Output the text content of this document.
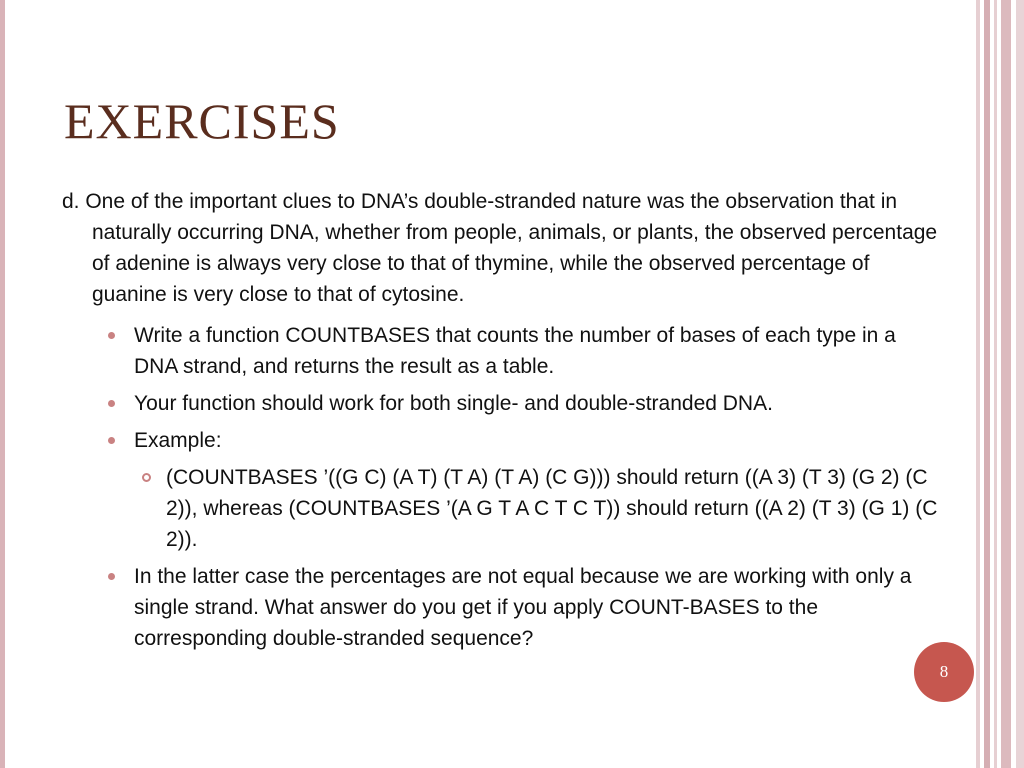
EXERCISES

d. One of the important clues to DNA’s double-stranded nature was the observation that in naturally occurring DNA, whether from people, animals, or plants, the observed percentage of adenine is always very close to that of thymine, while the observed percentage of guanine is very close to that of cytosine.

Write a function COUNTBASES that counts the number of bases of each type in a DNA strand, and returns the result as a table.
Your function should work for both single- and double-stranded DNA.
Example:
(COUNTBASES ’((G C) (A T) (T A) (T A) (C G))) should return ((A 3) (T 3) (G 2) (C 2)), whereas (COUNTBASES ’(A G T A C T C T)) should return ((A 2) (T 3) (G 1) (C 2)).
In the latter case the percentages are not equal because we are working with only a single strand. What answer do you get if you apply COUNT-BASES to the corresponding double-stranded sequence?
8
